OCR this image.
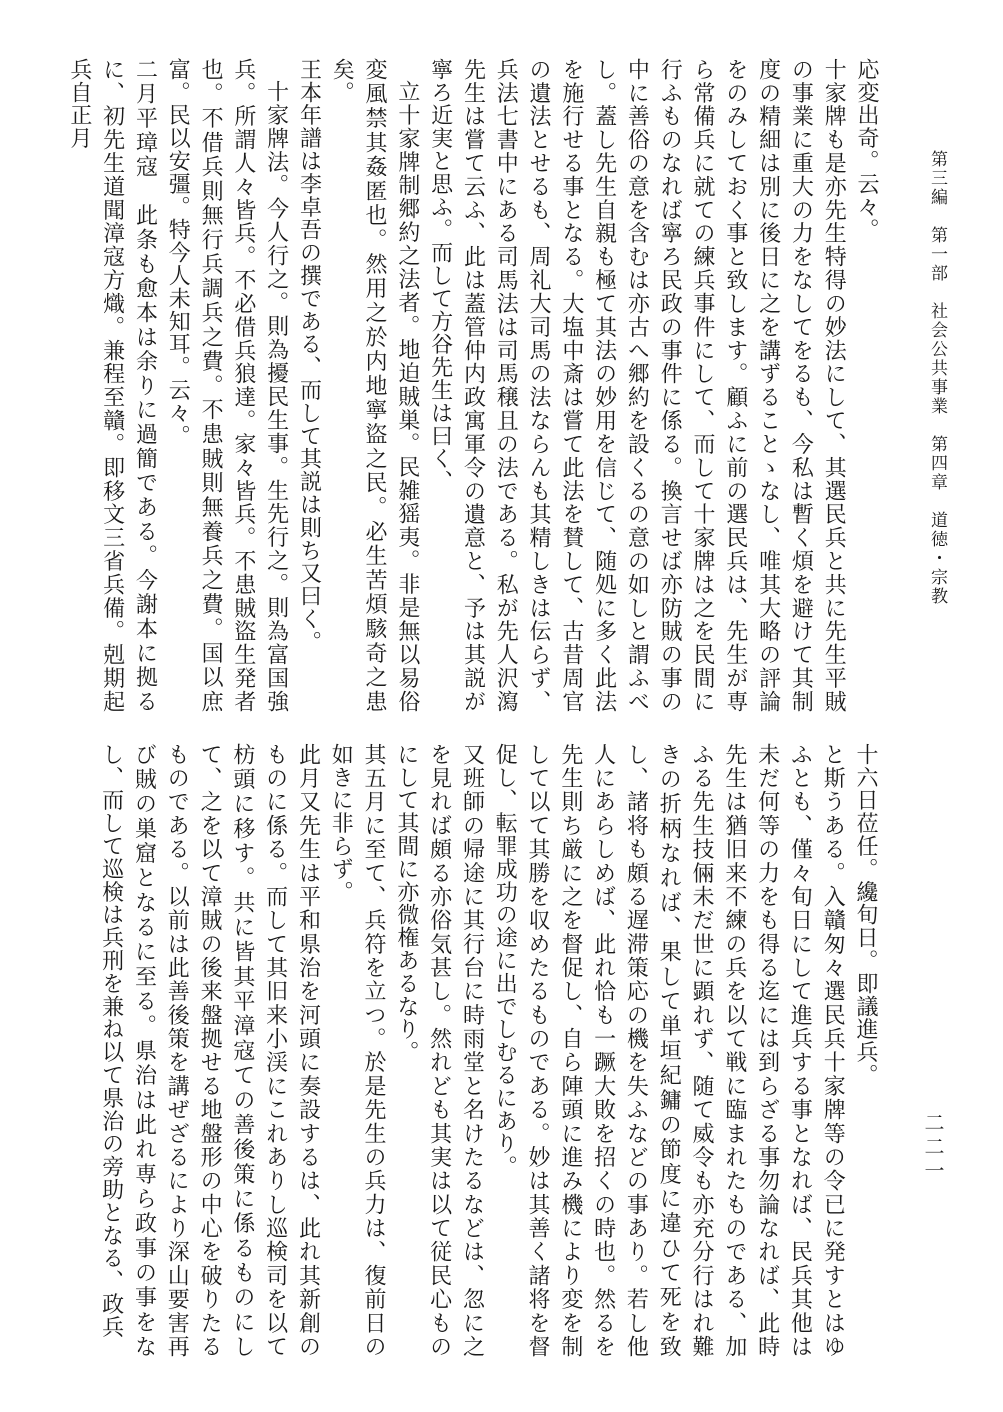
第三編　第一部　社会公共事業　第四章　道徳・宗教
二二一

応変出奇。云々。

十家牌も是亦先生特得の妙法にして、其選民兵と共に先生平賊の事業に重大の力をなしてをるも、今私は暫く煩を避けて其制度の精細は別に後日に之を講ずることゝなし、唯其大略の評論をのみしておく事と致します。顧ふに前の選民兵は、先生が専ら常備兵に就ての練兵事件にして、而して十家牌は之を民間に行ふものなれば寧ろ民政の事件に係る。換言せば亦防賊の事の中に善俗の意を含むは亦古へ郷約を設くるの意の如しと謂ふべし。蓋し先生自親も極て其法の妙用を信じて、随処に多く此法を施行せる事となる。大塩中斎は嘗て此法を賛して、古昔周官の遺法とせるも、周礼大司馬の法ならんも其精しきは伝らず、兵法七書中にある司馬法は司馬穣且の法である。私が先人沢瀉先生は嘗て云ふ、此は蓋管仲内政寓軍令の遺意と、予は其説が寧ろ近実と思ふ。而して方谷先生は曰く、

立十家牌制郷約之法者。地迫賊巣。民雑猺夷。非是無以易俗変風禁其姦匿也。然用之於内地寧盜之民。必生苦煩駭奇之患矣。

王本年譜は李卓吾の撰である、而して其説は則ち又曰く。

十家牌法。今人行之。則為擾民生事。生先行之。則為富国強兵。所謂人々皆兵。不必借兵狼達。家々皆兵。不患賊盜生発者也。不借兵則無行兵調兵之費。不患賊則無養兵之費。国以庶富。民以安彊。特今人未知耳。云々。

二月平璋寇　此条も愈本は余りに過簡である。今謝本に拠るに、初先生道聞漳寇方熾。兼程至贛。即移文三省兵備。剋期起兵自正月

十六日莅任。纔旬日。即議進兵。

と斯うある。入贛匆々選民兵十家牌等の令已に発すとはゆふとも、僅々旬日にして進兵する事となれば、民兵其他は未だ何等の力をも得る迄には到らざる事勿論なれば、此時先生は猶旧来不練の兵を以て戦に臨まれたものである、加ふる先生技倆未だ世に顕れず、随て威令も亦充分行はれ難きの折柄なれば、果して単垣紀鏞の節度に違ひて死を致し、諸将も頗る遅滞策応の機を失ふなどの事あり。若し他人にあらしめば、此れ恰も一蹶大敗を招くの時也。然るを先生則ち厳に之を督促し、自ら陣頭に進み機により変を制して以て其勝を収めたるものである。妙は其善く諸将を督促し、転罪成功の途に出でしむるにあり。

又班師の帰途に其行台に時雨堂と名けたるなどは、忽に之を見れば頗る亦俗気甚し。然れども其実は以て従民心ものにして其間に亦微権あるなり。

其五月に至て、兵符を立つ。於是先生の兵力は、復前日の如きに非らず。

此月又先生は平和県治を河頭に奏設するは、此れ其新創のものに係る。而して其旧来小渓にこれありし巡検司を以て枋頭に移す。共に皆其平漳寇ての善後策に係るものにして、之を以て漳賊の後来盤拠せる地盤形の中心を破りたるものである。以前は此善後策を講ぜざるにより深山要害再び賊の巣窟となるに至る。県治は此れ専ら政事の事をなし、而して巡検は兵刑を兼ね以て県治の旁助となる、政兵
